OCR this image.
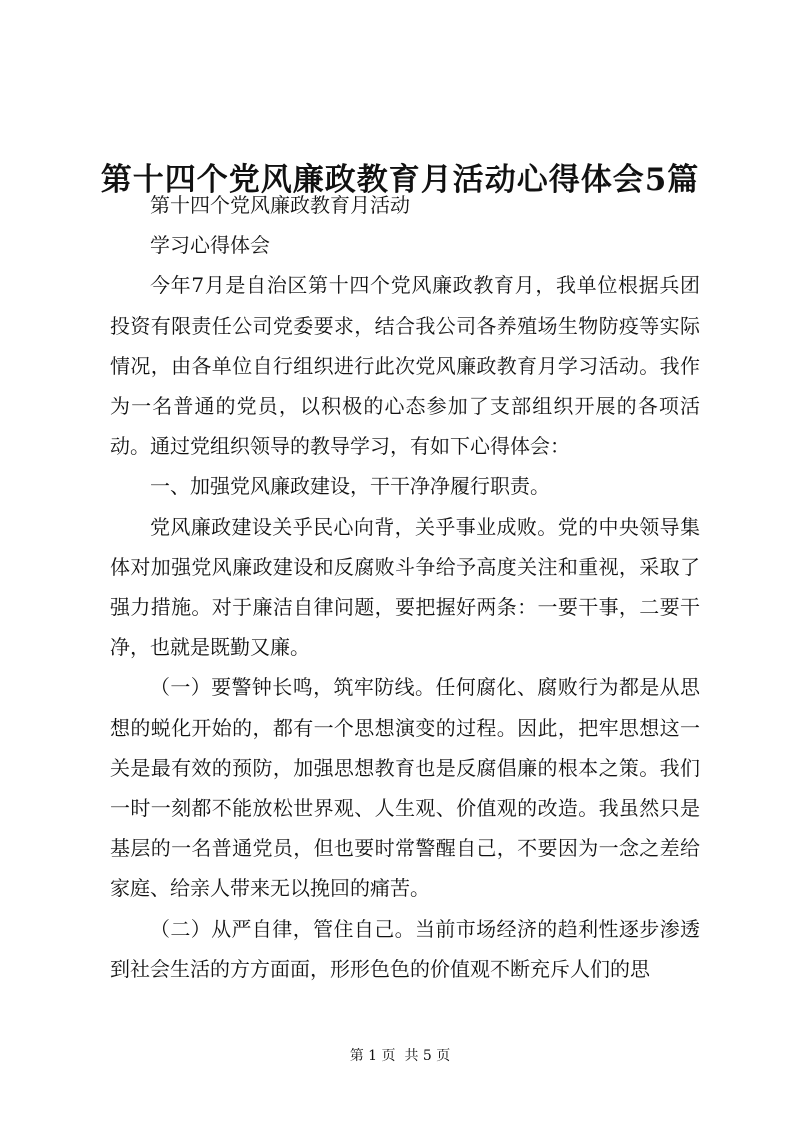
第十四个党风廉政教育月活动心得体会5篇

第十四个党风廉政教育月活动

学习心得体会

今年7月是自治区第十四个党风廉政教育月，我单位根据兵团投资有限责任公司党委要求，结合我公司各养殖场生物防疫等实际情况，由各单位自行组织进行此次党风廉政教育月学习活动。我作为一名普通的党员，以积极的心态参加了支部组织开展的各项活动。通过党组织领导的教导学习，有如下心得体会：

一、加强党风廉政建设，干干净净履行职责。

党风廉政建设关乎民心向背，关乎事业成败。党的中央领导集体对加强党风廉政建设和反腐败斗争给予高度关注和重视，采取了强力措施。对于廉洁自律问题，要把握好两条：一要干事，二要干净，也就是既勤又廉。

（一）要警钟长鸣，筑牢防线。任何腐化、腐败行为都是从思想的蜕化开始的，都有一个思想演变的过程。因此，把牢思想这一关是最有效的预防，加强思想教育也是反腐倡廉的根本之策。我们一时一刻都不能放松世界观、人生观、价值观的改造。我虽然只是基层的一名普通党员，但也要时常警醒自己，不要因为一念之差给家庭、给亲人带来无以挽回的痛苦。

（二）从严自律，管住自己。当前市场经济的趋利性逐步渗透到社会生活的方方面面，形形色色的价值观不断充斥人们的思

第 1 页  共 5 页
